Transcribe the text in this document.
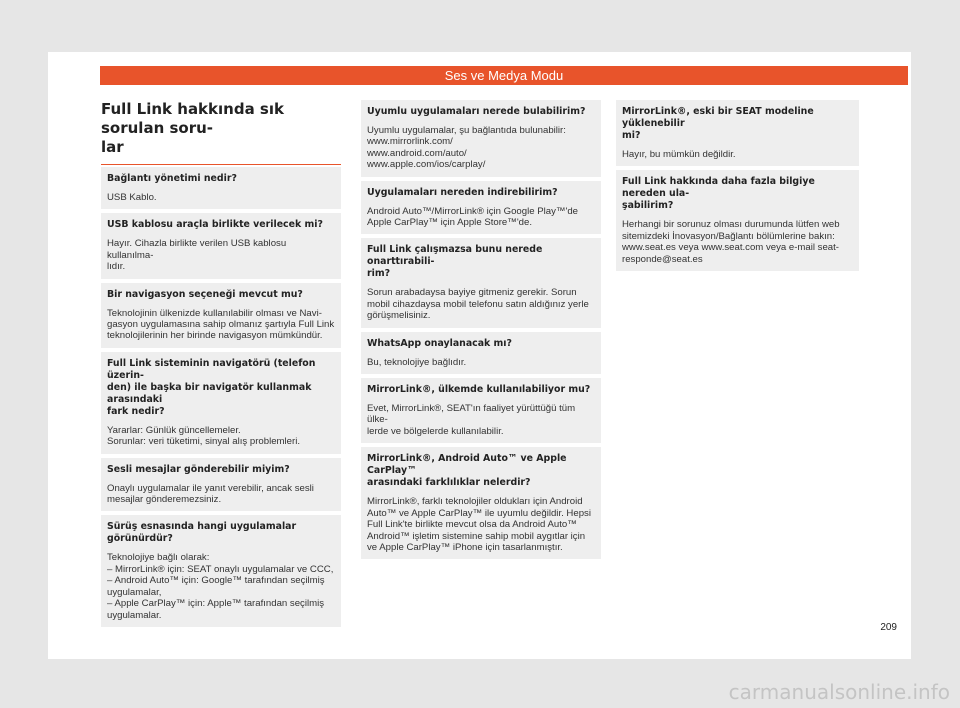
Ses ve Medya Modu
Full Link hakkında sık sorulan soru-
lar
Bağlantı yönetimi nedir?
USB Kablo.
USB kablosu araçla birlikte verilecek mi?
Hayır. Cihazla birlikte verilen USB kablosu kullanılma-
lıdır.
Bir navigasyon seçeneği mevcut mu?
Teknolojinin ülkenizde kullanılabilir olması ve Navi-
gasyon uygulamasına sahip olmanız şartıyla Full Link
teknolojilerinin her birinde navigasyon mümkündür.
Full Link sisteminin navigatörü (telefon üzerin-
den) ile başka bir navigatör kullanmak arasındaki
fark nedir?
Yararlar: Günlük güncellemeler.
Sorunlar: veri tüketimi, sinyal alış problemleri.
Sesli mesajlar gönderebilir miyim?
Onaylı uygulamalar ile yanıt verebilir, ancak sesli
mesajlar gönderemezsiniz.
Sürüş esnasında hangi uygulamalar görünürdür?
Teknolojiye bağlı olarak:
– MirrorLink® için: SEAT onaylı uygulamalar ve CCC,
– Android Auto™ için: Google™ tarafından seçilmiş
uygulamalar,
– Apple CarPlay™ için: Apple™ tarafından seçilmiş
uygulamalar.
Uyumlu uygulamaları nerede bulabilirim?
Uyumlu uygulamalar, şu bağlantıda bulunabilir:
www.mirrorlink.com/
www.android.com/auto/
www.apple.com/ios/carplay/
Uygulamaları nereden indirebilirim?
Android Auto™/MirrorLink® için Google Play™'de
Apple CarPlay™ için Apple Store™'de.
Full Link çalışmazsa bunu nerede onarttırabili-
rim?
Sorun arabadaysa bayiye gitmeniz gerekir. Sorun
mobil cihazdaysa mobil telefonu satın aldığınız yerle
görüşmelisiniz.
WhatsApp onaylanacak mı?
Bu, teknolojiye bağlıdır.
MirrorLink®, ülkemde kullanılabiliyor mu?
Evet, MirrorLink®, SEAT'ın faaliyet yürüttüğü tüm ülke-
lerde ve bölgelerde kullanılabilir.
MirrorLink®, Android Auto™ ve Apple CarPlay™
arasındaki farklılıklar nelerdir?
MirrorLink®, farklı teknolojiler oldukları için Android
Auto™ ve Apple CarPlay™ ile uyumlu değildir. Hepsi
Full Link'te birlikte mevcut olsa da Android Auto™
Android™ işletim sistemine sahip mobil aygıtlar için
ve Apple CarPlay™ iPhone için tasarlanmıştır.
MirrorLink®, eski bir SEAT modeline yüklenebilir
mi?
Hayır, bu mümkün değildir.
Full Link hakkında daha fazla bilgiye nereden ula-
şabilirim?
Herhangi bir sorunuz olması durumunda lütfen web
sitemizdeki İnovasyon/Bağlantı bölümlerine bakın:
www.seat.es veya www.seat.com veya e-mail seat-
responde@seat.es
209
carmanualsonline.info
